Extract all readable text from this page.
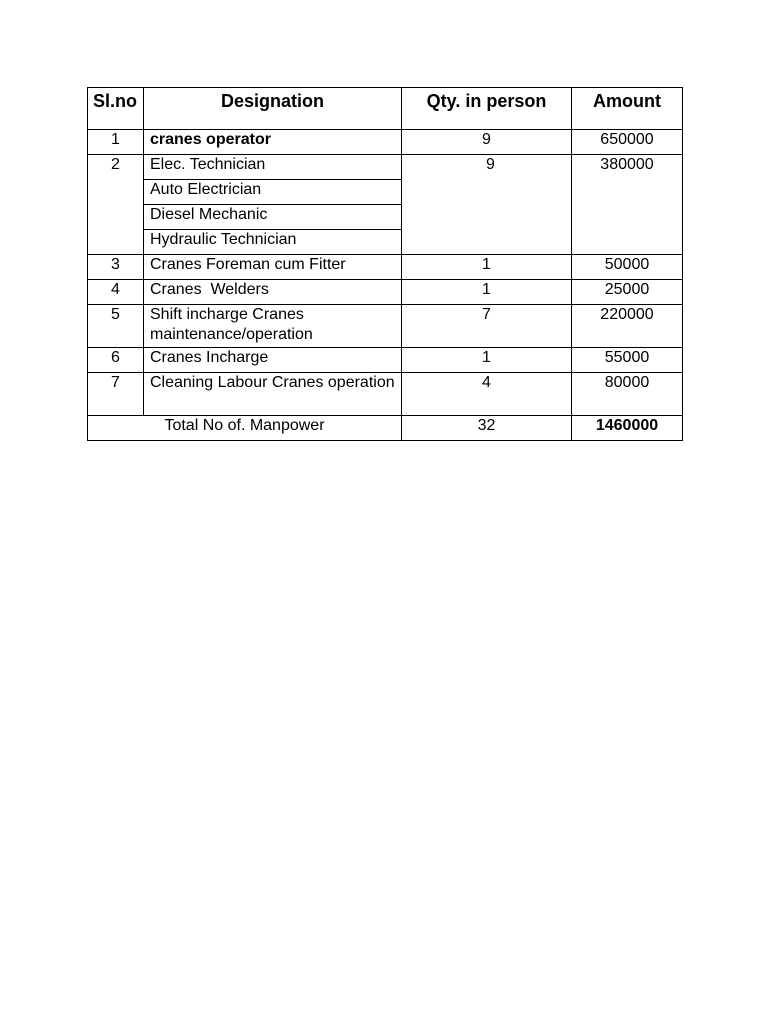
Sl.no	Designation	Qty. in person	Amount
1	cranes operator	9	650000
2	Elec. Technician	9	380000
	Auto Electrician		
	Diesel Mechanic		
	Hydraulic Technician		
3	Cranes Foreman cum Fitter	1	50000
4	Cranes  Welders	1	25000
5	Shift incharge Cranes maintenance/operation	7	220000
6	Cranes Incharge	1	55000
7	Cleaning Labour Cranes operation	4	80000
Total No of. Manpower		32	1460000
